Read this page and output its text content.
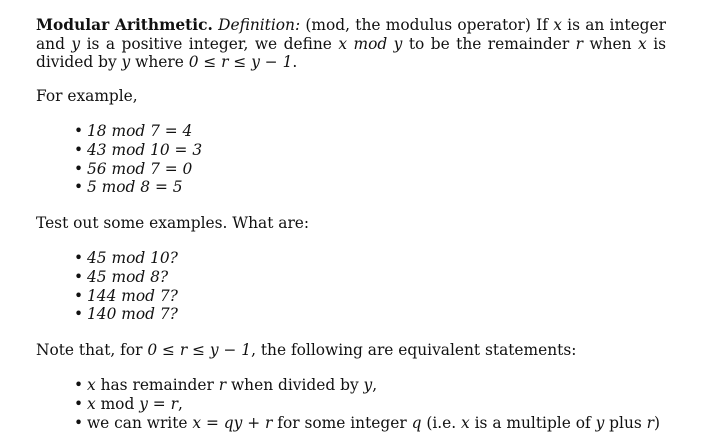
Modular Arithmetic. Definition: (mod, the modulus operator) If x is an integer and y is a positive integer, we define x mod y to be the remainder r when x is divided by y where 0 ≤ r ≤ y − 1.

For example,

• 18 mod 7 = 4
• 43 mod 10 = 3
• 56 mod 7 = 0
• 5 mod 8 = 5

Test out some examples. What are:

• 45 mod 10?
• 45 mod 8?
• 144 mod 7?
• 140 mod 7?

Note that, for 0 ≤ r ≤ y − 1, the following are equivalent statements:

• x has remainder r when divided by y,
• x mod y = r,
• we can write x = qy + r for some integer q (i.e. x is a multiple of y plus r)
